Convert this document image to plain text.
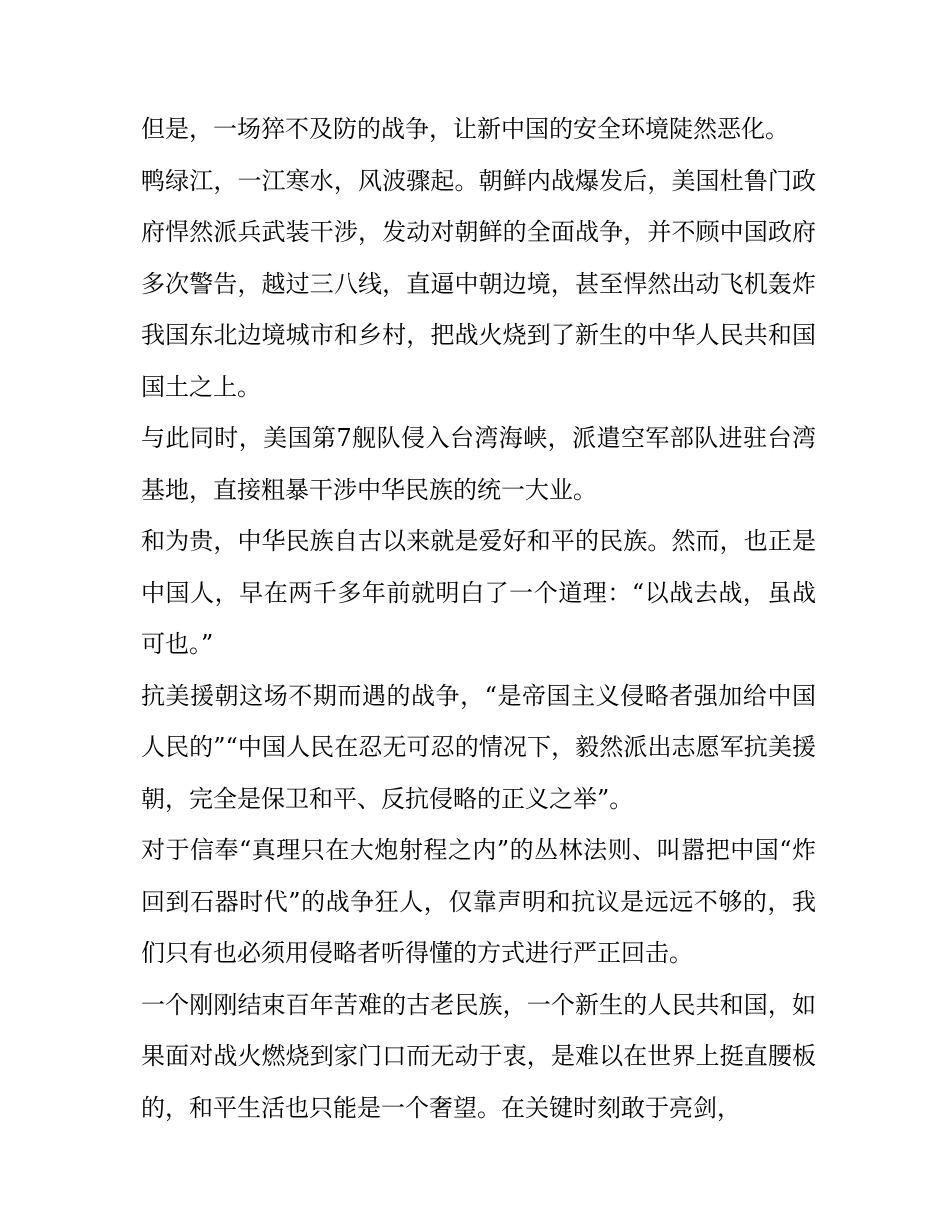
但是，一场猝不及防的战争，让新中国的安全环境陡然恶化。

鸭绿江，一江寒水，风波骤起。朝鲜内战爆发后，美国杜鲁门政府悍然派兵武装干涉，发动对朝鲜的全面战争，并不顾中国政府多次警告，越过三八线，直逼中朝边境，甚至悍然出动飞机轰炸我国东北边境城市和乡村，把战火烧到了新生的中华人民共和国国土之上。

与此同时，美国第7舰队侵入台湾海峡，派遣空军部队进驻台湾基地，直接粗暴干涉中华民族的统一大业。

和为贵，中华民族自古以来就是爱好和平的民族。然而，也正是中国人，早在两千多年前就明白了一个道理：“以战去战，虽战可也。”

抗美援朝这场不期而遇的战争，“是帝国主义侵略者强加给中国人民的”“中国人民在忍无可忍的情况下，毅然派出志愿军抗美援朝，完全是保卫和平、反抗侵略的正义之举”。

对于信奉“真理只在大炮射程之内”的丛林法则、叫嚣把中国“炸回到石器时代”的战争狂人，仅靠声明和抗议是远远不够的，我们只有也必须用侵略者听得懂的方式进行严正回击。

一个刚刚结束百年苦难的古老民族，一个新生的人民共和国，如果面对战火燃烧到家门口而无动于衷，是难以在世界上挺直腰板的，和平生活也只能是一个奢望。在关键时刻敢于亮剑，
